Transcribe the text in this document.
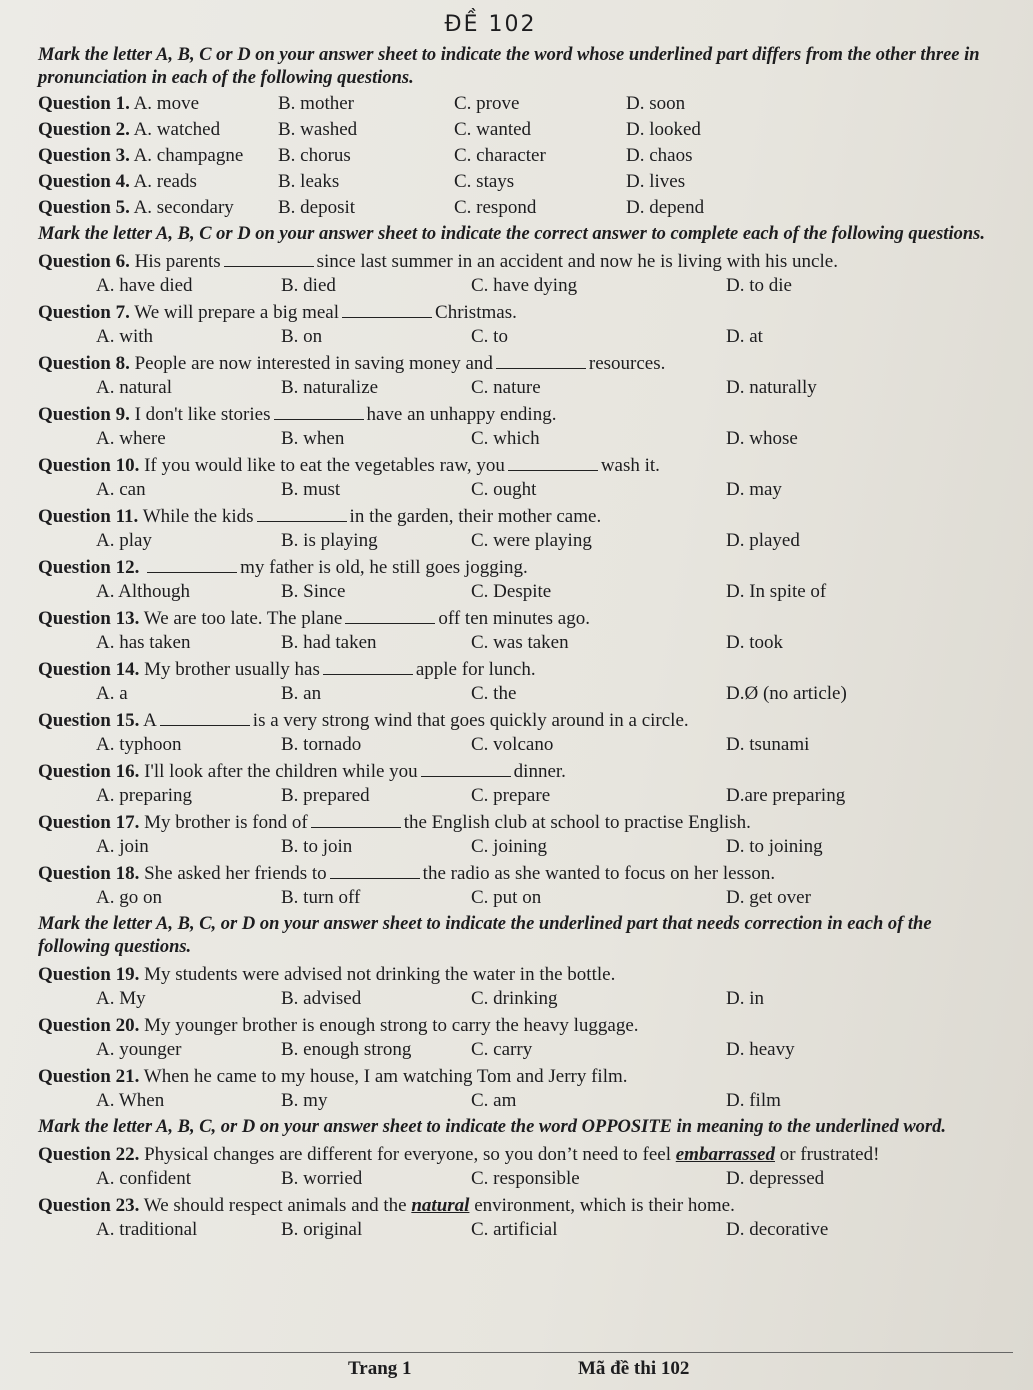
ĐỀ 102
Mark the letter A, B, C or D on your answer sheet to indicate the word whose underlined part differs from the other three in pronunciation in each of the following questions.
Question 1. A. move	B. mother	C. prove	D. soon
Question 2. A. watched	B. washed	C. wanted	D. looked
Question 3. A. champagne	B. chorus	C. character	D. chaos
Question 4. A. reads	B. leaks	C. stays	D. lives
Question 5. A. secondary	B. deposit	C. respond	D. depend
Mark the letter A, B, C or D on your answer sheet to indicate the correct answer to complete each of the following questions.
Question 6. His parents	since last summer in an accident and now he is living with his uncle.
A. have died	B. died	C. have dying	D. to die
Question 7. We will prepare a big meal	Christmas.
A. with	B. on	C. to	D. at
Question 8. People are now interested in saving money and	resources.
A. natural	B. naturalize	C. nature	D. naturally
Question 9. I don't like stories	have an unhappy ending.
A. where	B. when	C. which	D. whose
Question 10. If you would like to eat the vegetables raw, you	wash it.
A. can	B. must	C. ought	D. may
Question 11. While the kids	in the garden, their mother came.
A. play	B. is playing	C. were playing	D. played
Question 12.	my father is old, he still goes jogging.
A. Although	B. Since	C. Despite	D. In spite of
Question 13. We are too late. The plane	off ten minutes ago.
A. has taken	B. had taken	C. was taken	D. took
Question 14. My brother usually has	apple for lunch.
A. a	B. an	C. the	D.Ø (no article)
Question 15. A	is a very strong wind that goes quickly around in a circle.
A. typhoon	B. tornado	C. volcano	D. tsunami
Question 16. I'll look after the children while you	dinner.
A. preparing	B. prepared	C. prepare	D.are preparing
Question 17. My brother is fond of	the English club at school to practise English.
A. join	B. to join	C. joining	D. to joining
Question 18. She asked her friends to	the radio as she wanted to focus on her lesson.
A. go on	B. turn off	C. put on	D. get over
Mark the letter A, B, C, or D on your answer sheet to indicate the underlined part that needs correction in each of the following questions.
Question 19. My students were advised not drinking the water in the bottle.
A. My	B. advised	C. drinking	D. in
Question 20. My younger brother is enough strong to carry the heavy luggage.
A. younger	B. enough strong	C. carry	D. heavy
Question 21. When he came to my house, I am watching Tom and Jerry film.
A. When	B. my	C. am	D. film
Mark the letter A, B, C, or D on your answer sheet to indicate the word OPPOSITE in meaning to the underlined word.
Question 22. Physical changes are different for everyone, so you don’t need to feel embarrassed or frustrated!
A. confident	B. worried	C. responsible	D. depressed
Question 23. We should respect animals and the natural environment, which is their home.
A. traditional	B. original	C. artificial	D. decorative
Trang 1	Mã đề thi 102
